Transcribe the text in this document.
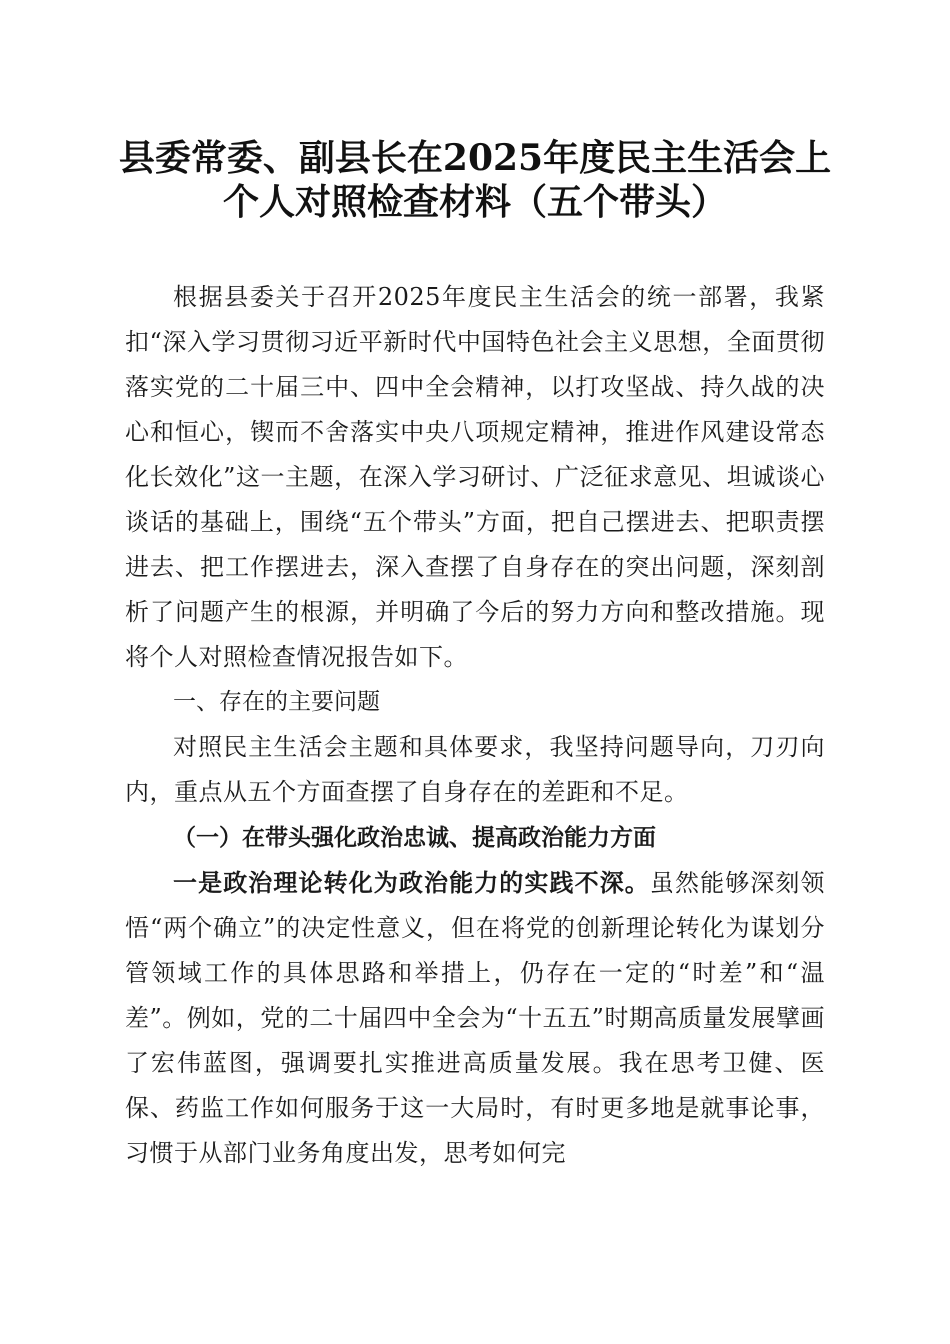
县委常委、副县长在2025年度民主生活会上
个人对照检查材料（五个带头）

根据县委关于召开2025年度民主生活会的统一部署，我紧扣“深入学习贯彻习近平新时代中国特色社会主义思想，全面贯彻落实党的二十届三中、四中全会精神，以打攻坚战、持久战的决心和恒心，锲而不舍落实中央八项规定精神，推进作风建设常态化长效化”这一主题，在深入学习研讨、广泛征求意见、坦诚谈心谈话的基础上，围绕“五个带头”方面，把自己摆进去、把职责摆进去、把工作摆进去，深入查摆了自身存在的突出问题，深刻剖析了问题产生的根源，并明确了今后的努力方向和整改措施。现将个人对照检查情况报告如下。

一、存在的主要问题

对照民主生活会主题和具体要求，我坚持问题导向，刀刃向内，重点从五个方面查摆了自身存在的差距和不足。

（一）在带头强化政治忠诚、提高政治能力方面

一是政治理论转化为政治能力的实践不深。虽然能够深刻领悟“两个确立”的决定性意义，但在将党的创新理论转化为谋划分管领域工作的具体思路和举措上，仍存在一定的“时差”和“温差”。例如，党的二十届四中全会为“十五五”时期高质量发展擘画了宏伟蓝图，强调要扎实推进高质量发展。我在思考卫健、医保、药监工作如何服务于这一大局时，有时更多地是就事论事，习惯于从部门业务角度出发，思考如何完
